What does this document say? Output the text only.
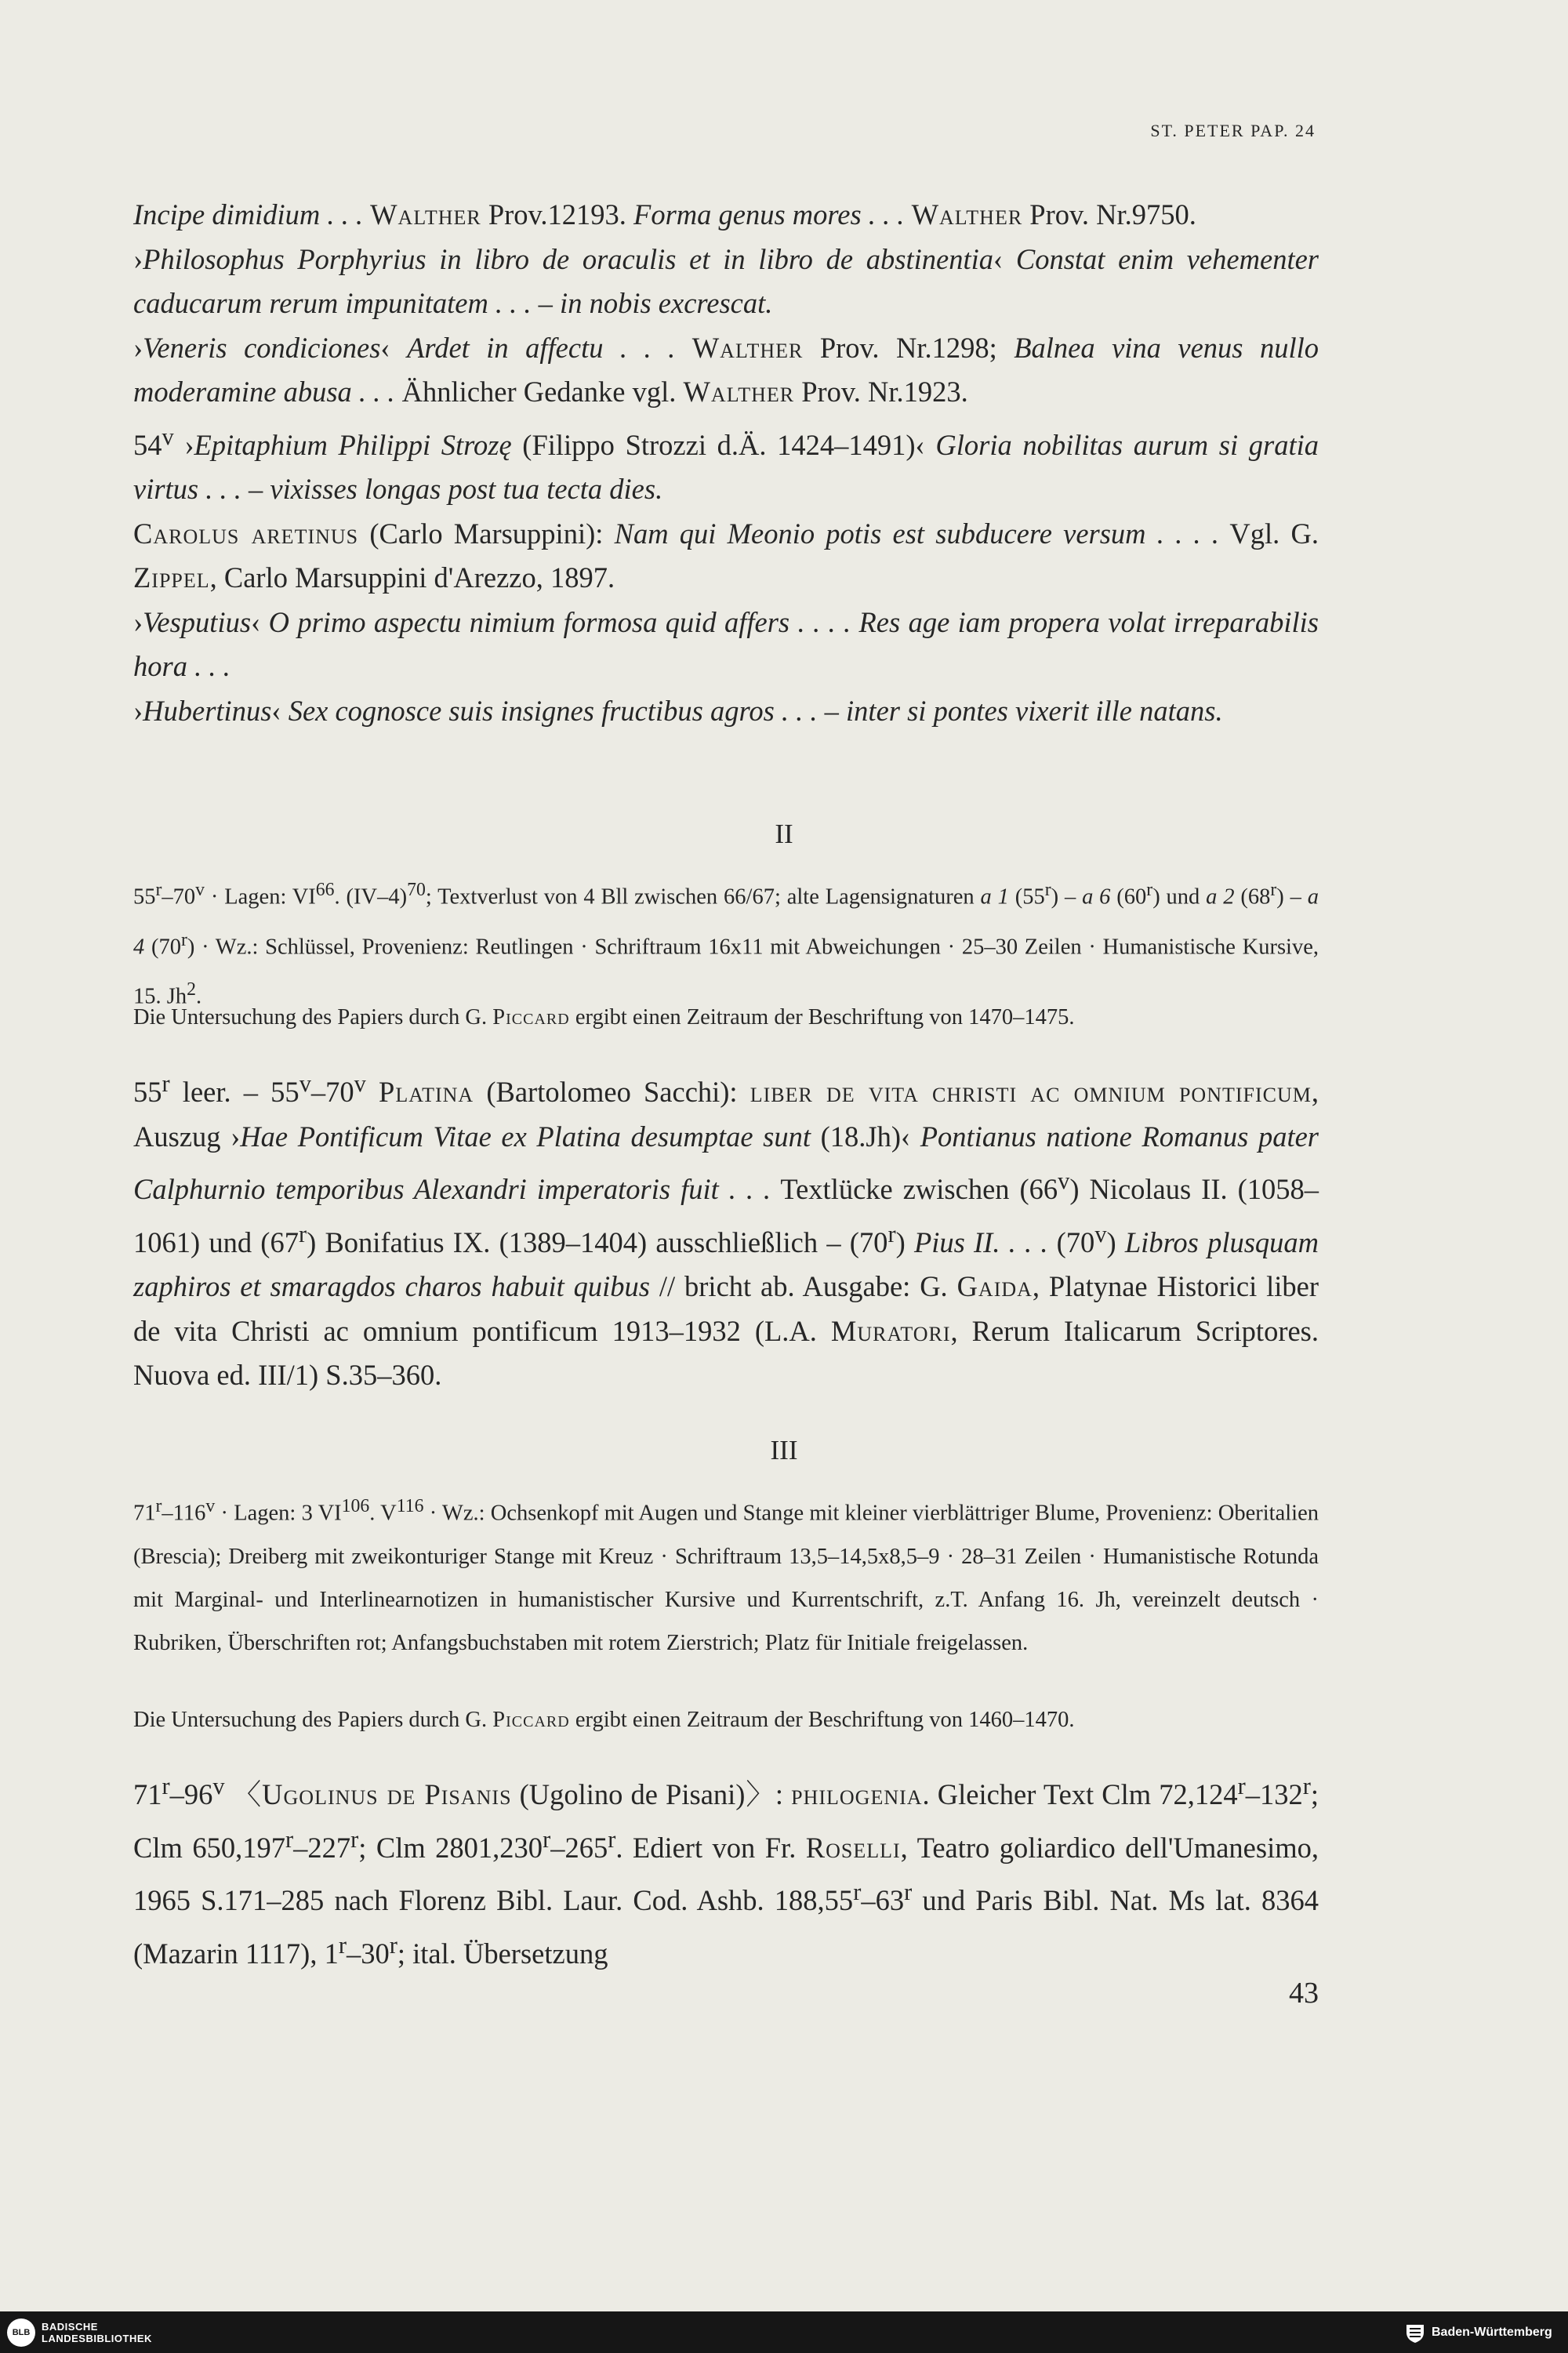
ST. PETER PAP. 24

Incipe dimidium . . . Walther Prov.12193. Forma genus mores . . . Walther Prov. Nr.9750.

›Philosophus Porphyrius in libro de oraculis et in libro de abstinentia‹ Constat enim vehementer caducarum rerum impunitatem . . . – in nobis excrescat.

›Veneris condiciones‹ Ardet in affectu . . . Walther Prov. Nr.1298; Balnea vina venus nullo moderamine abusa . . . Ähnlicher Gedanke vgl. Walther Prov. Nr.1923.

54$^v$ ›Epitaphium Philippi Strozę (Filippo Strozzi d.Ä. 1424–1491)‹ Gloria nobilitas aurum si gratia virtus . . . – vixisses longas post tua tecta dies.

Carolus aretinus (Carlo Marsuppini): Nam qui Meonio potis est subducere versum . . . . Vgl. G. Zippel, Carlo Marsuppini d'Arezzo, 1897.

›Vesputius‹ O primo aspectu nimium formosa quid affers . . . . Res age iam propera volat irreparabilis hora . . .

›Hubertinus‹ Sex cognosce suis insignes fructibus agros . . . – inter si pontes vixerit ille natans.

II

$55^r-70^v$ · Lagen: VI$^{66}$. $(IV-4)^{70}$; Textverlust von 4 Bll zwischen 66/67; alte Lagensignaturen a 1 (55$^r$) – a 6 (60$^r$) und a 2 (68$^r$) – a 4 $(70^r) \cdot Wz$.: Schlüssel, Provenienz: Reutlingen · Schriftraum 16x11 mit Abweichungen · 25–30 Zeilen · Humanistische Kursive, 15. Jh$^2$.

Die Untersuchung des Papiers durch G. Piccard ergibt einen Zeitraum der Beschriftung von 1470–1475.

55$^r$ leer. – 55$^v$–70$^v$ Platina (Bartolomeo Sacchi): liber de vita christi ac omnium pontificum, Auszug ›Hae Pontificum Vitae ex Platina desumptae sunt (18.Jh)‹ Pontianus natione Romanus pater Calphurnio temporibus Alexandri imperatoris fuit . . . Textlücke zwischen (66$^v$) Nicolaus II. (1058–1061) und (67$^r$) Bonifatius IX. (1389–1404) ausschließlich – (70$^r$) Pius II. . . . (70$^v$) Libros plusquam zaphiros et smaragdos charos habuit quibus // bricht ab. Ausgabe: G. Gaida, Platynae Historici liber de vita Christi ac omnium pontificum 1913–1932 (L.A. Muratori, Rerum Italicarum Scriptores. Nuova ed. III/1) S.35–360.

III

$71^r-116^v$ · Lagen: 3 VI$^{106}$. $V^{116} \cdot Wz$.: Ochsenkopf mit Augen und Stange mit kleiner vierblättriger Blume, Provenienz: Oberitalien (Brescia); Dreiberg mit zweikonturiger Stange mit Kreuz · Schriftraum 13,5–14,5x8,5–9 · 28–31 Zeilen · Humanistische Rotunda mit Marginal- und Interlinearnotizen in humanistischer Kursive und Kurrentschrift, z.T. Anfang 16. Jh, vereinzelt deutsch · Rubriken, Überschriften rot; Anfangsbuchstaben mit rotem Zierstrich; Platz für Initiale freigelassen.

Die Untersuchung des Papiers durch G. Piccard ergibt einen Zeitraum der Beschriftung von 1460–1470.

71$^r$–96$^v$ 〈Ugolinus de Pisanis (Ugolino de Pisani)〉: philogenia. Gleicher Text Clm 72,124$^r$–132$^r$; Clm 650,197$^r$–227$^r$; Clm 2801,230$^r$–265$^r$. Ediert von Fr. Roselli, Teatro goliardico dell'Umanesimo, 1965 S.171–285 nach Florenz Bibl. Laur. Cod. Ashb. 188,55$^r$–63$^r$ und Paris Bibl. Nat. Ms lat. 8364 (Mazarin 1117), 1$^r$–30$^r$; ital. Übersetzung

43
BLB	BADISCHE
LANDESBIBLIOTHEK	Baden-Württemberg
